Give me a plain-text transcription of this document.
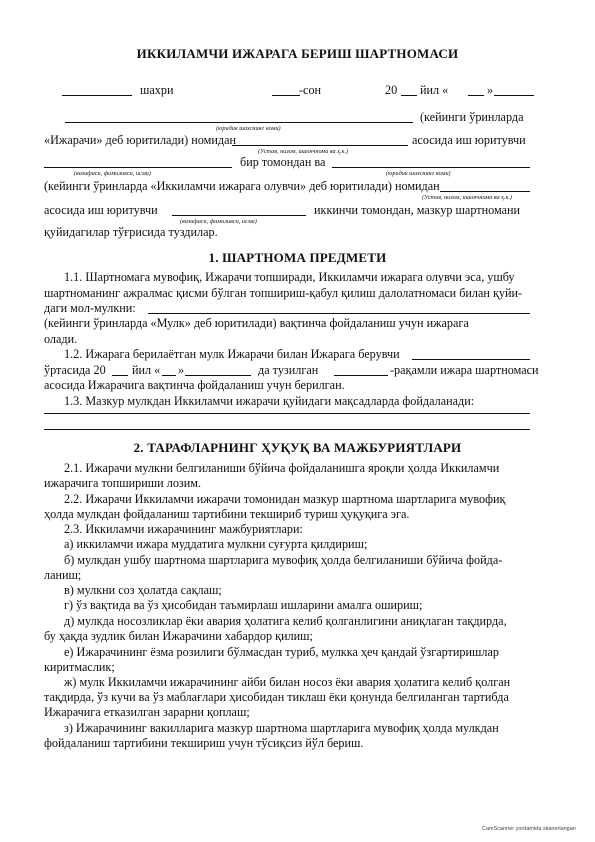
ИККИЛАМЧИ ИЖАРАГА БЕРИШ ШАРТНОМАСИ
шахри	-сон	20 йил «	»
(кейинги ўринларда
(юридик шахснинг номи)
«Ижарачи» деб юритилади) номидан	асосида иш юритувчи
(Устав, низом, ишончнома ва ҳ.к.)
бир томондан ва
(вазифаси, фамилияси, исми)	(юридик шахснинг номи)
(кейинги ўринларда «Иккиламчи ижарага олувчи» деб юритилади) номидан
(Устав, низом, ишончнома ва ҳ.к.)
асосида иш юритувчи	иккинчи томондан, мазкур шартномани
(вазифаси, фамилияси, исми)
қуйидагилар тўғрисида туздилар.
1. ШАРТНОМА ПРЕДМЕТИ
1.1. Шартномага мувофиқ, Ижарачи топширади, Иккиламчи ижарага олувчи эса, ушбу
шартноманинг ажралмас қисми бўлган топшириш-қабул қилиш далолатномаси билан қуйи-
даги мол-мулкни:
(кейинги ўринларда «Мулк» деб юритилади) вақтинча фойдаланиш учун ижарага
олади.
1.2. Ижарага берилаётган мулк Ижарачи билан Ижарага берувчи
ўртасида 20 йил « »	да тузилган	-рақамли ижара шартномаси
асосида Ижарачига вақтинча фойдаланиш учун берилган.
1.3. Мазкур мулкдан Иккиламчи ижарачи қуйидаги мақсадларда фойдаланади:
2. ТАРАФЛАРНИНГ ҲУҚУҚ ВА МАЖБУРИЯТЛАРИ
2.1. Ижарачи мулкни белгиланиши бўйича фойдаланишга яроқли ҳолда Иккиламчи
ижарачига топшириши лозим.
2.2. Ижарачи Иккиламчи ижарачи томонидан мазкур шартнома шартларига мувофиқ
ҳолда мулкдан фойдаланиш тартибини текшириб туриш ҳуқуқига эга.
2.3. Иккиламчи ижарачининг мажбуриятлари:
а) иккиламчи ижара муддатига мулкни суғурта қилдириш;
б) мулкдан ушбу шартнома шартларига мувофиқ ҳолда белгиланиши бўйича фойда-
ланиш;
в) мулкни соз ҳолатда сақлаш;
г) ўз вақтида ва ўз ҳисобидан таъмирлаш ишларини амалга ошириш;
д) мулкда носозликлар ёки авария ҳолатига келиб қолганлигини аниқлаган тақдирда,
бу ҳақда зудлик билан Ижарачини хабардор қилиш;
е) Ижарачининг ёзма розилиги бўлмасдан туриб, мулкка ҳеч қандай ўзгартиришлар
киритмаслик;
ж) мулк Иккиламчи ижарачининг айби билан носоз ёки авария ҳолатига келиб қолган
тақдирда, ўз кучи ва ўз маблағлари ҳисобидан тиклаш ёки қонунда белгиланган тартибда
Ижарачига етказилган зарарни қоплаш;
з) Ижарачининг вакилларига мазкур шартнома шартларига мувофиқ ҳолда мулкдан
фойдаланиш тартибини текшириш учун тўсиқсиз йўл бериш.
CamScanner yordamida skanerlangan
